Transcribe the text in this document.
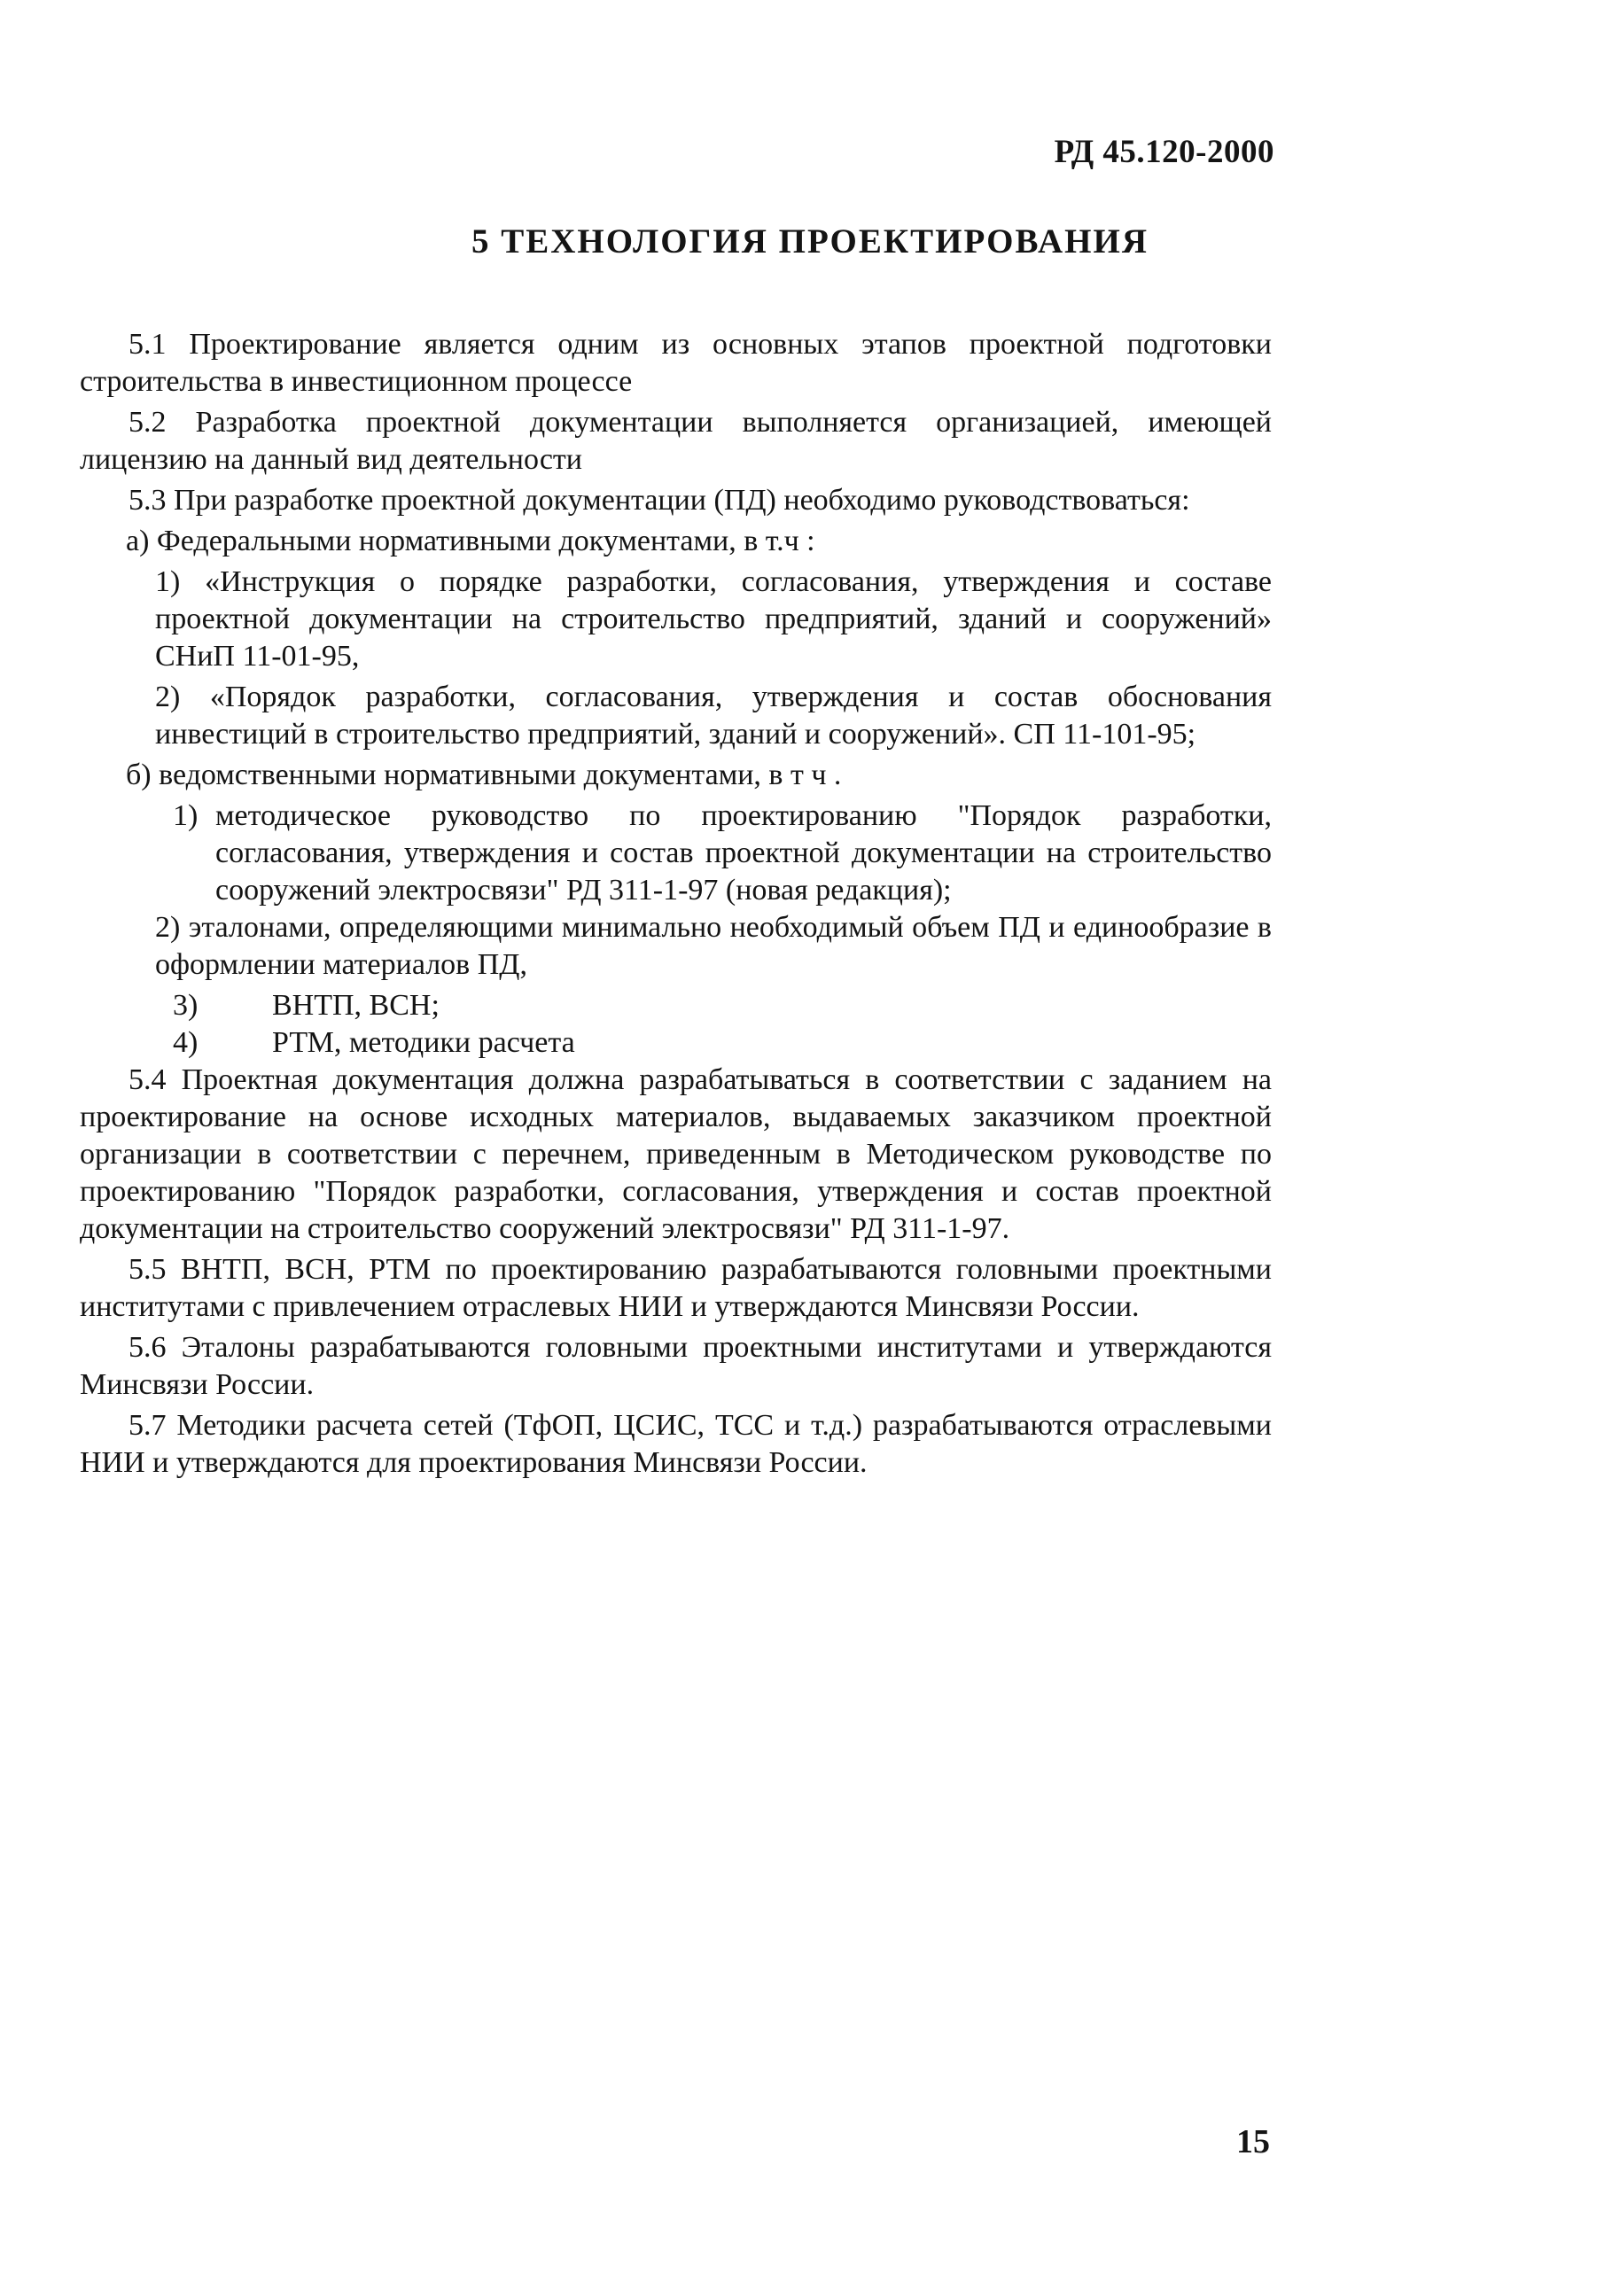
РД 45.120-2000
5 ТЕХНОЛОГИЯ ПРОЕКТИРОВАНИЯ

5.1 Проектирование является одним из основных этапов проектной подготовки строительства в инвестиционном процессе

5.2 Разработка проектной документации выполняется организацией, имеющей лицензию на данный вид деятельности

5.3 При разработке проектной документации (ПД) необходимо руководствоваться:

а) Федеральными нормативными документами, в т.ч :

1) «Инструкция о порядке разработки, согласования, утверждения и составе проектной документации на строительство предприятий, зданий и сооружений» СНиП 11-01-95,

2) «Порядок разработки, согласования, утверждения и состав обоснования инвестиций в строительство предприятий, зданий и сооружений». СП 11-101-95;

б) ведомственными нормативными документами, в т ч .

1) методическое руководство по проектированию "Порядок разработки, согласования, утверждения и состав проектной документации на строительство сооружений электросвязи" РД 311-1-97 (новая редакция);

2) эталонами, определяющими минимально необходимый объем ПД и единообразие в оформлении материалов ПД,

3)	ВНТП, ВСН;
4)	РТМ, методики расчета

5.4 Проектная документация должна разрабатываться в соответствии с заданием на проектирование на основе исходных материалов, выдаваемых заказчиком проектной организации в соответствии с перечнем, приведенным в Методическом руководстве по проектированию "Порядок разработки, согласования, утверждения и состав проектной документации на строительство сооружений электросвязи" РД 311-1-97.

5.5 ВНТП, ВСН, РТМ по проектированию разрабатываются головными проектными институтами с привлечением отраслевых НИИ и утверждаются Минсвязи России.

5.6 Эталоны разрабатываются головными проектными институтами и утверждаются Минсвязи России.

5.7 Методики расчета сетей (ТфОП, ЦСИС, ТСС и т.д.) разрабатываются отраслевыми НИИ и утверждаются для проектирования Минсвязи России.

15
